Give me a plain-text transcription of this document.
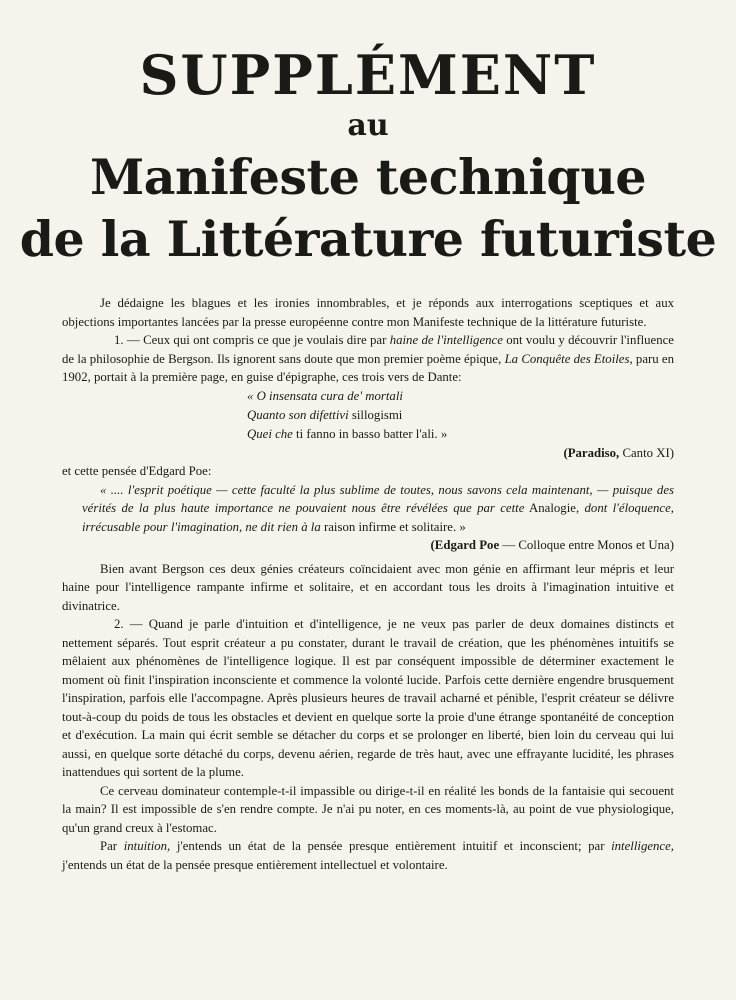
SUPPLÉMENT
au
Manifeste technique
de la Littérature futuriste

Je dédaigne les blagues et les ironies innombrables, et je réponds aux interrogations sceptiques et aux objections importantes lancées par la presse européenne contre mon Manifeste technique de la littérature futuriste.

1. — Ceux qui ont compris ce que je voulais dire par haine de l'intelligence ont voulu y découvrir l'influence de la philosophie de Bergson. Ils ignorent sans doute que mon premier poème épique, La Conquête des Etoiles, paru en 1902, portait à la première page, en guise d'épigraphe, ces trois vers de Dante:

« O insensata cura de' mortali
Quanto son difettivi sillogismi
Quei che ti fanno in basso batter l'ali. »

(Paradiso, Canto XI)

et cette pensée d'Edgard Poe:

« .... l'esprit poétique — cette faculté la plus sublime de toutes, nous savons cela maintenant, — puisque des vérités de la plus haute importance ne pouvaient nous être révélées que par cette Analogie, dont l'éloquence, irrécusable pour l'imagination, ne dit rien à la raison infirme et solitaire. »

(Edgard Poe — Colloque entre Monos et Una)

Bien avant Bergson ces deux génies créateurs coïncidaient avec mon génie en affirmant leur mépris et leur haine pour l'intelligence rampante infirme et solitaire, et en accordant tous les droits à l'imagination intuitive et divinatrice.

2. — Quand je parle d'intuition et d'intelligence, je ne veux pas parler de deux domaines distincts et nettement séparés. Tout esprit créateur a pu constater, durant le travail de création, que les phénomènes intuitifs se mêlaient aux phénomènes de l'intelligence logique. Il est par conséquent impossible de déterminer exactement le moment où finit l'inspiration inconsciente et commence la volonté lucide. Parfois cette dernière engendre brusquement l'inspiration, parfois elle l'accompagne. Après plusieurs heures de travail acharné et pénible, l'esprit créateur se délivre tout-à-coup du poids de tous les obstacles et devient en quelque sorte la proie d'une étrange spontanéité de conception et d'exécution. La main qui écrit semble se détacher du corps et se prolonger en liberté, bien loin du cerveau qui lui aussi, en quelque sorte détaché du corps, devenu aérien, regarde de très haut, avec une effrayante lucidité, les phrases inattendues qui sortent de la plume.

Ce cerveau dominateur contemple-t-il impassible ou dirige-t-il en réalité les bonds de la fantaisie qui secouent la main? Il est impossible de s'en rendre compte. Je n'ai pu noter, en ces moments-là, au point de vue physiologique, qu'un grand creux à l'estomac.

Par intuition, j'entends un état de la pensée presque entièrement intuitif et inconscient; par intelligence, j'entends un état de la pensée presque entièrement intellectuel et volontaire.
